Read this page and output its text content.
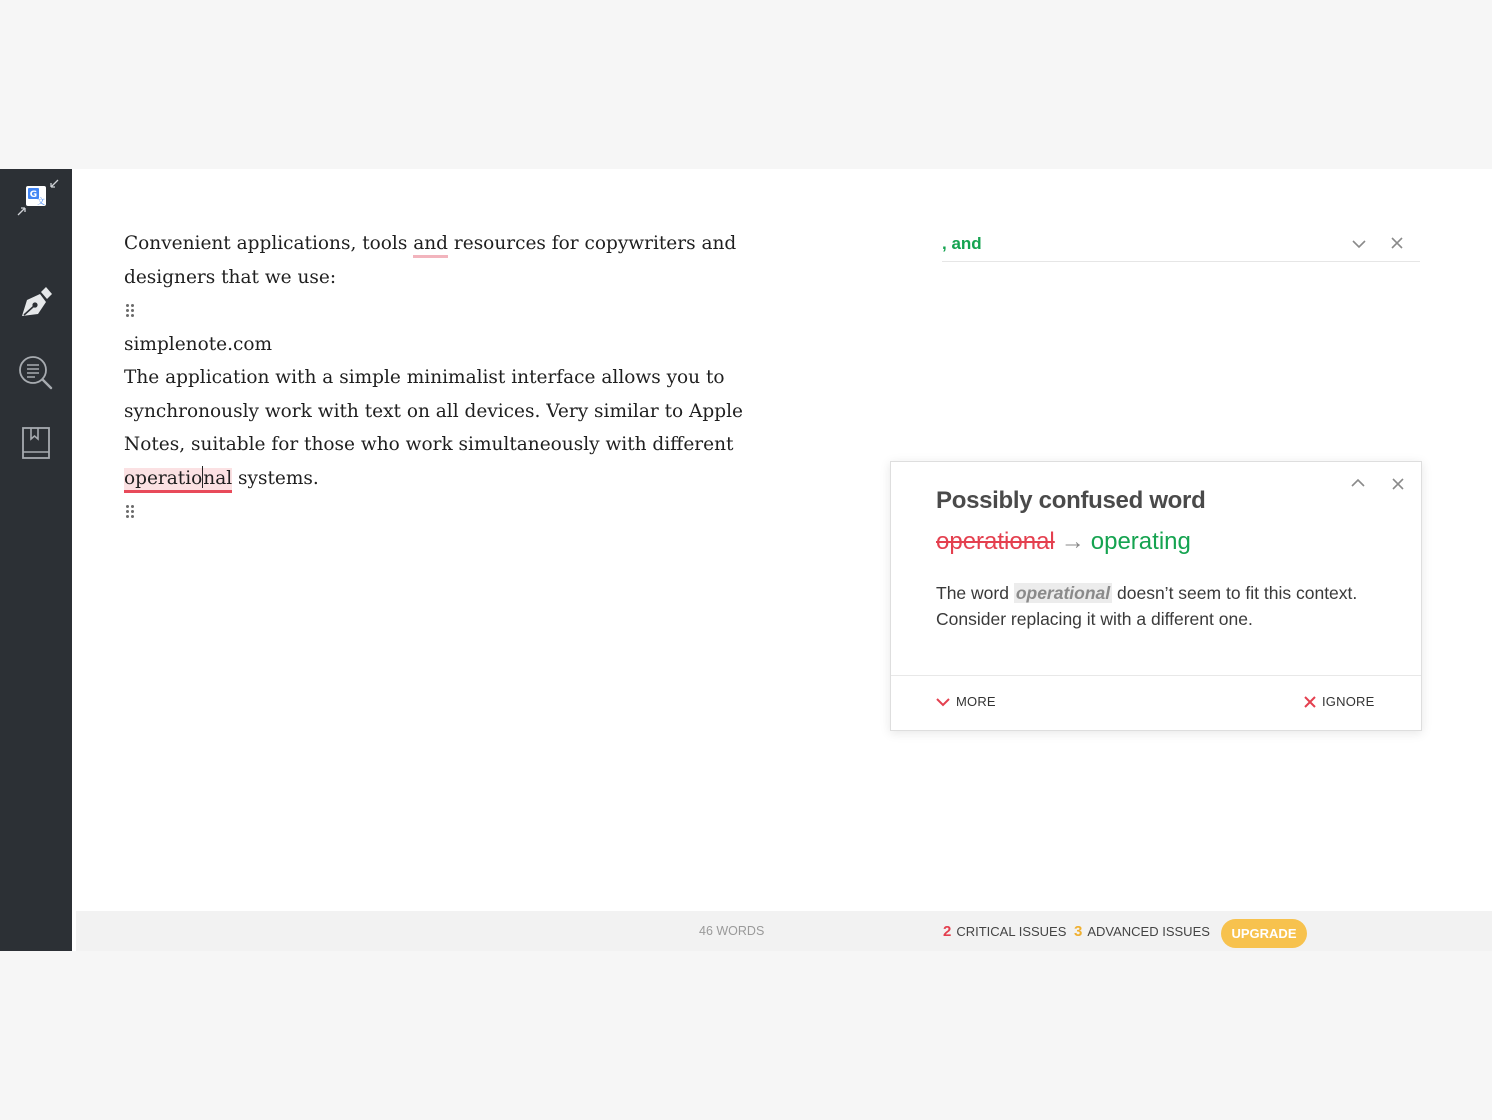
G
文

Convenient applications, tools and resources for copywriters and designers that we use:

simplenote.com

The application with a simple minimalist interface allows you to synchronously work with text on all devices. Very similar to Apple Notes, suitable for those who work simultaneously with different operational systems.

, and
Possibly confused word
operational → operating
The word operational doesn’t seem to fit this context. Consider replacing it with a different one.
MORE	IGNORE
46 WORDS	2 CRITICAL ISSUES 3 ADVANCED ISSUES	UPGRADE
